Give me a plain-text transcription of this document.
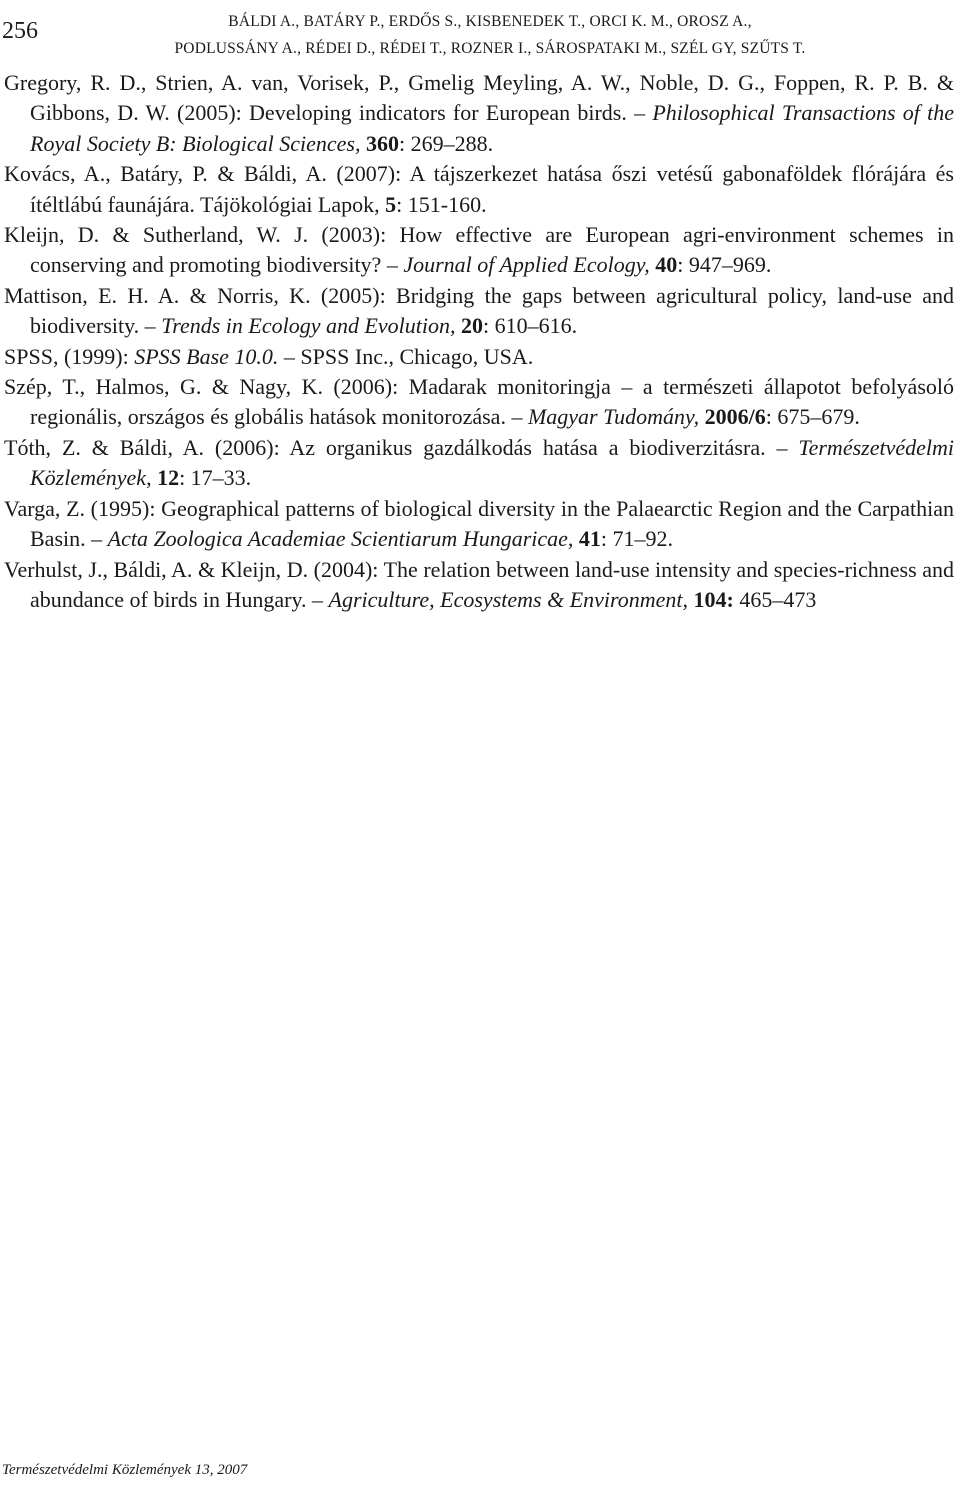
256	BÁLDI A., BATÁRY P., ERDŐS S., KISBENEDEK T., ORCI K. M., OROSZ A.,
PODLUSSÁNY A., RÉDEI D., RÉDEI T., ROZNER I., SÁROSPATAKI M., SZÉL GY, SZŰTS T.

Gregory, R. D., Strien, A. van, Vorisek, P., Gmelig Meyling, A. W., Noble, D. G., Foppen, R. P. B. & Gibbons, D. W. (2005): Developing indicators for European birds. – Philosophical Transactions of the Royal Society B: Biological Sciences, 360: 269–288.

Kovács, A., Batáry, P. & Báldi, A. (2007): A tájszerkezet hatása őszi vetésű gabonaföldek flórájára és ítéltlábú faunájára. Tájökológiai Lapok, 5: 151-160.

Kleijn, D. & Sutherland, W. J. (2003): How effective are European agri-environment schemes in conserving and promoting biodiversity? – Journal of Applied Ecology, 40: 947–969.

Mattison, E. H. A. & Norris, K. (2005): Bridging the gaps between agricultural policy, land-use and biodiversity. – Trends in Ecology and Evolution, 20: 610–616.

SPSS, (1999): SPSS Base 10.0. – SPSS Inc., Chicago, USA.

Szép, T., Halmos, G. & Nagy, K. (2006): Madarak monitoringja – a természeti állapotot befolyásoló regionális, országos és globális hatások monitorozása. – Magyar Tudomány, 2006/6: 675–679.

Tóth, Z. & Báldi, A. (2006): Az organikus gazdálkodás hatása a biodiverzitásra. – Természetvédelmi Közlemények, 12: 17–33.

Varga, Z. (1995): Geographical patterns of biological diversity in the Palaearctic Region and the Carpathian Basin. – Acta Zoologica Academiae Scientiarum Hungaricae, 41: 71–92.

Verhulst, J., Báldi, A. & Kleijn, D. (2004): The relation between land-use intensity and species-richness and abundance of birds in Hungary. – Agriculture, Ecosystems & Environment, 104: 465–473

Természetvédelmi Közlemények 13, 2007
